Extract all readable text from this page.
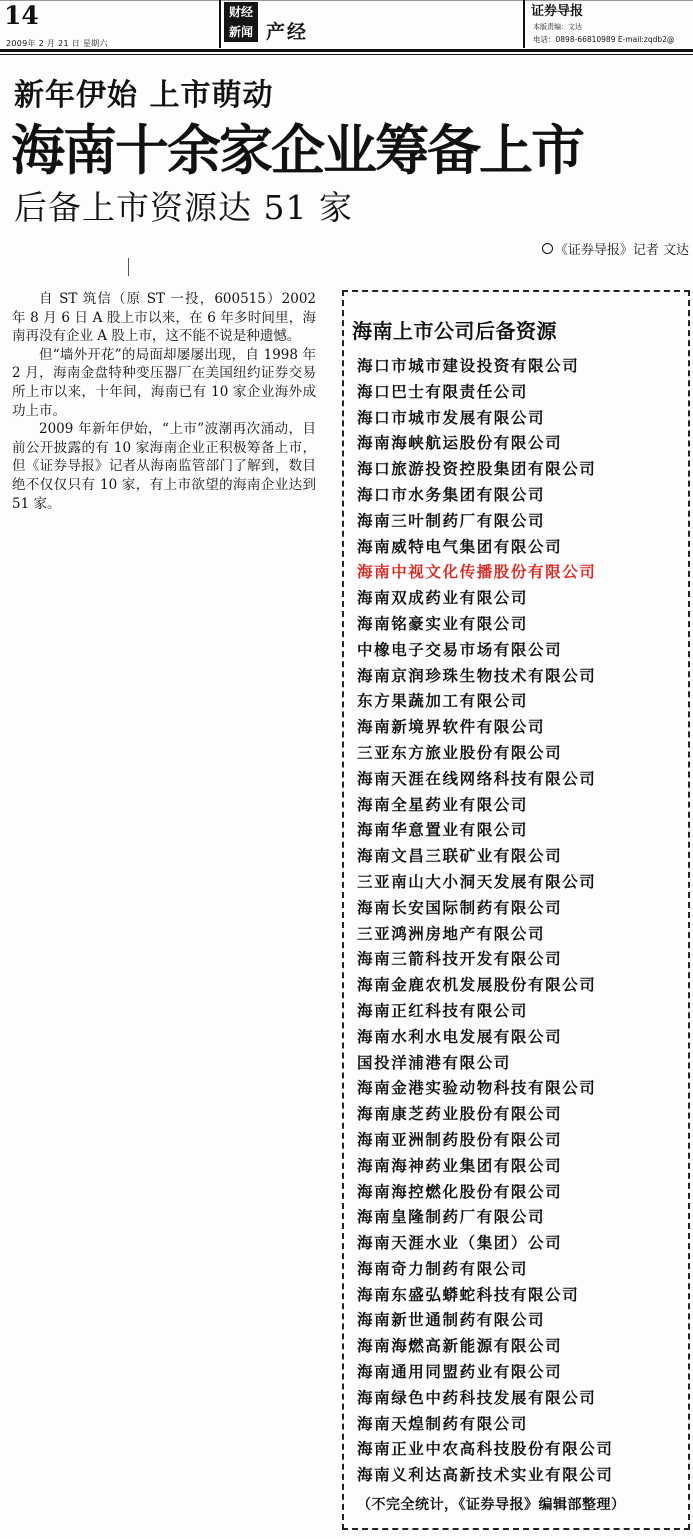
14
2009年 2 月 21 日 星期六
财经新闻 产经
证券导报
本版责编：文达
电话：0898-66810989 E-mail:zqdb2@
新年伊始 上市萌动
海南十余家企业筹备上市
后备上市资源达 51 家
《证券导报》记者 文达

自 ST 筑信（原 ST 一投，600515）2002 年 8 月 6 日 A 股上市以来，在 6 年多时间里，海南再没有企业 A 股上市，这不能不说是种遗憾。

但“墙外开花”的局面却屡屡出现，自 1998 年 2 月，海南金盘特种变压器厂在美国纽约证券交易所上市以来，十年间，海南已有 10 家企业海外成功上市。

2009 年新年伊始，“上市”波潮再次涌动，目前公开披露的有 10 家海南企业正积极筹备上市，但《证券导报》记者从海南监管部门了解到，数目绝不仅仅只有 10 家，有上市欲望的海南企业达到 51 家。

海南上市公司后备资源
海口市城市建设投资有限公司
海口巴士有限责任公司
海口市城市发展有限公司
海南海峡航运股份有限公司
海口旅游投资控股集团有限公司
海口市水务集团有限公司
海南三叶制药厂有限公司
海南威特电气集团有限公司
海南中视文化传播股份有限公司
海南双成药业有限公司
海南铭豪实业有限公司
中橡电子交易市场有限公司
海南京润珍珠生物技术有限公司
东方果蔬加工有限公司
海南新境界软件有限公司
三亚东方旅业股份有限公司
海南天涯在线网络科技有限公司
海南全星药业有限公司
海南华意置业有限公司
海南文昌三联矿业有限公司
三亚南山大小洞天发展有限公司
海南长安国际制药有限公司
三亚鸿洲房地产有限公司
海南三箭科技开发有限公司
海南金鹿农机发展股份有限公司
海南正红科技有限公司
海南水利水电发展有限公司
国投洋浦港有限公司
海南金港实验动物科技有限公司
海南康芝药业股份有限公司
海南亚洲制药股份有限公司
海南海神药业集团有限公司
海南海控燃化股份有限公司
海南皇隆制药厂有限公司
海南天涯水业（集团）公司
海南奇力制药有限公司
海南东盛弘蟒蛇科技有限公司
海南新世通制药有限公司
海南海燃高新能源有限公司
海南通用同盟药业有限公司
海南绿色中药科技发展有限公司
海南天煌制药有限公司
海南正业中农高科技股份有限公司
海南义利达高新技术实业有限公司
（不完全统计，《证券导报》编辑部整理）
